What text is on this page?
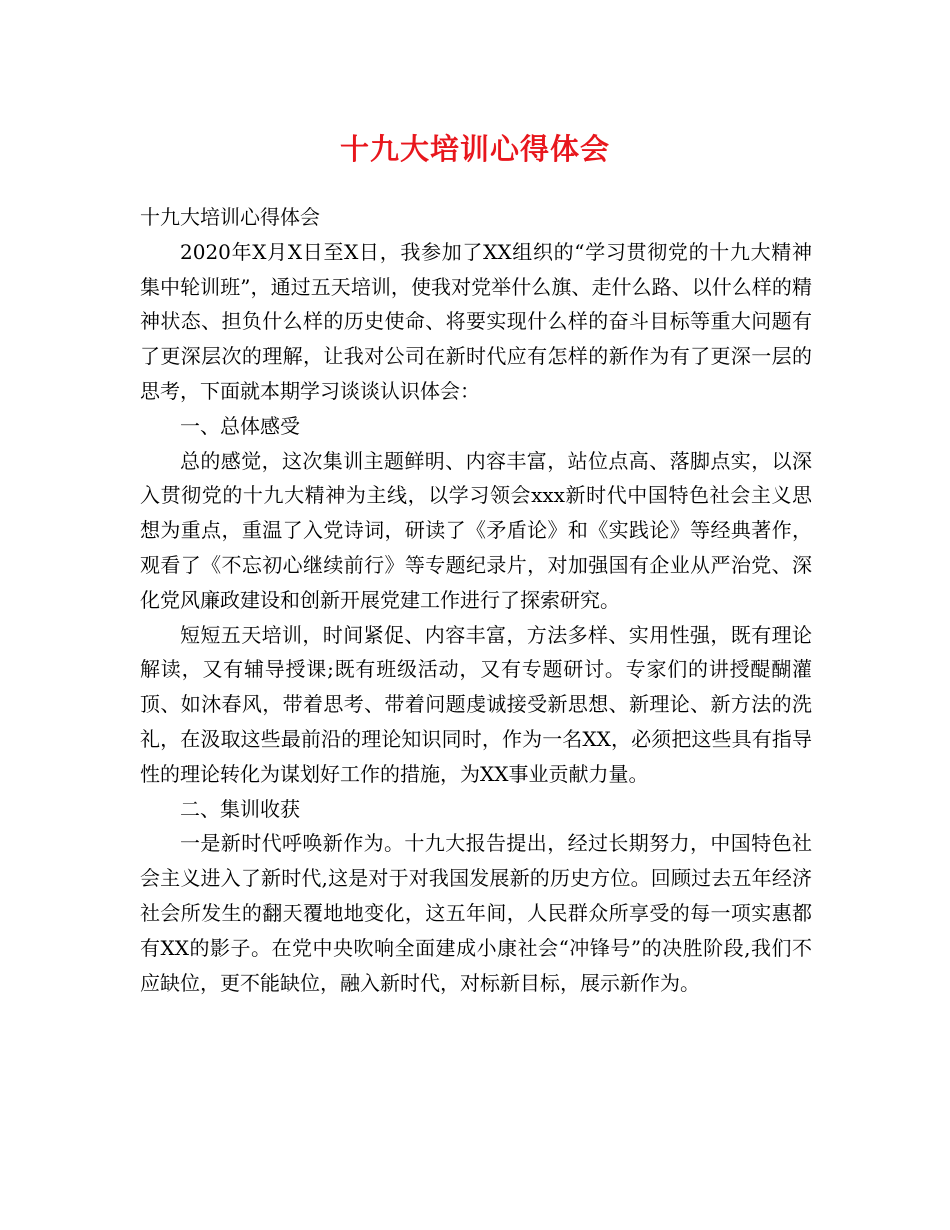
十九大培训心得体会

十九大培训心得体会

2020年X月X日至X日，我参加了XX组织的“学习贯彻党的十九大精神集中轮训班”，通过五天培训，使我对党举什么旗、走什么路、以什么样的精神状态、担负什么样的历史使命、将要实现什么样的奋斗目标等重大问题有了更深层次的理解，让我对公司在新时代应有怎样的新作为有了更深一层的思考，下面就本期学习谈谈认识体会：

一、总体感受

总的感觉，这次集训主题鲜明、内容丰富，站位点高、落脚点实，以深入贯彻党的十九大精神为主线，以学习领会xxx新时代中国特色社会主义思想为重点，重温了入党诗词，研读了《矛盾论》和《实践论》等经典著作，观看了《不忘初心继续前行》等专题纪录片，对加强国有企业从严治党、深化党风廉政建设和创新开展党建工作进行了探索研究。

短短五天培训，时间紧促、内容丰富，方法多样、实用性强，既有理论解读，又有辅导授课;既有班级活动，又有专题研讨。专家们的讲授醍醐灌顶、如沐春风，带着思考、带着问题虔诚接受新思想、新理论、新方法的洗礼，在汲取这些最前沿的理论知识同时，作为一名XX，必须把这些具有指导性的理论转化为谋划好工作的措施，为XX事业贡献力量。

二、集训收获

一是新时代呼唤新作为。十九大报告提出，经过长期努力，中国特色社会主义进入了新时代,这是对于对我国发展新的历史方位。回顾过去五年经济社会所发生的翻天覆地地变化，这五年间，人民群众所享受的每一项实惠都有XX的影子。在党中央吹响全面建成小康社会“冲锋号”的决胜阶段,我们不应缺位，更不能缺位，融入新时代，对标新目标，展示新作为。
